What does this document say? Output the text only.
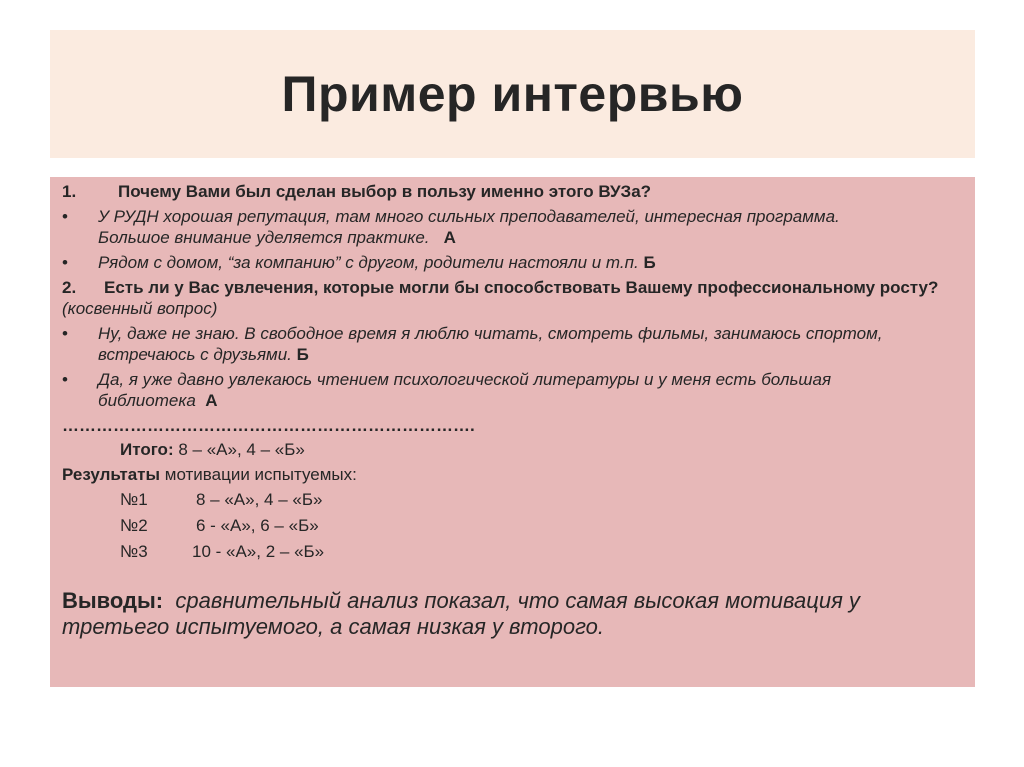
Пример интервью
1.	Почему Вами был сделан выбор в пользу именно этого ВУЗа?
•	У РУДН хорошая репутация, там много сильных преподавателей, интересная программа. Большое внимание уделяется практике. А
•	Рядом с домом, “за компанию” с другом, родители настояли и т.п. Б
2. Есть ли у Вас увлечения, которые могли бы способствовать Вашему профессиональному росту? (косвенный вопрос)
•	Ну, даже не знаю. В свободное время я люблю читать, смотреть фильмы, занимаюсь спортом, встречаюсь с друзьями. Б
•	Да, я уже давно увлекаюсь чтением психологической литературы и у меня есть большая библиотека А
……………………………………………………………….
Итого: 8 – «А», 4 – «Б»
Результаты мотивации испытуемых:
№1	8 – «А», 4 – «Б»
№2	6 - «А», 6 – «Б»
№3	10 - «А», 2 – «Б»
Выводы: сравнительный анализ показал, что самая высокая мотивация у третьего испытуемого, а самая низкая у второго.
